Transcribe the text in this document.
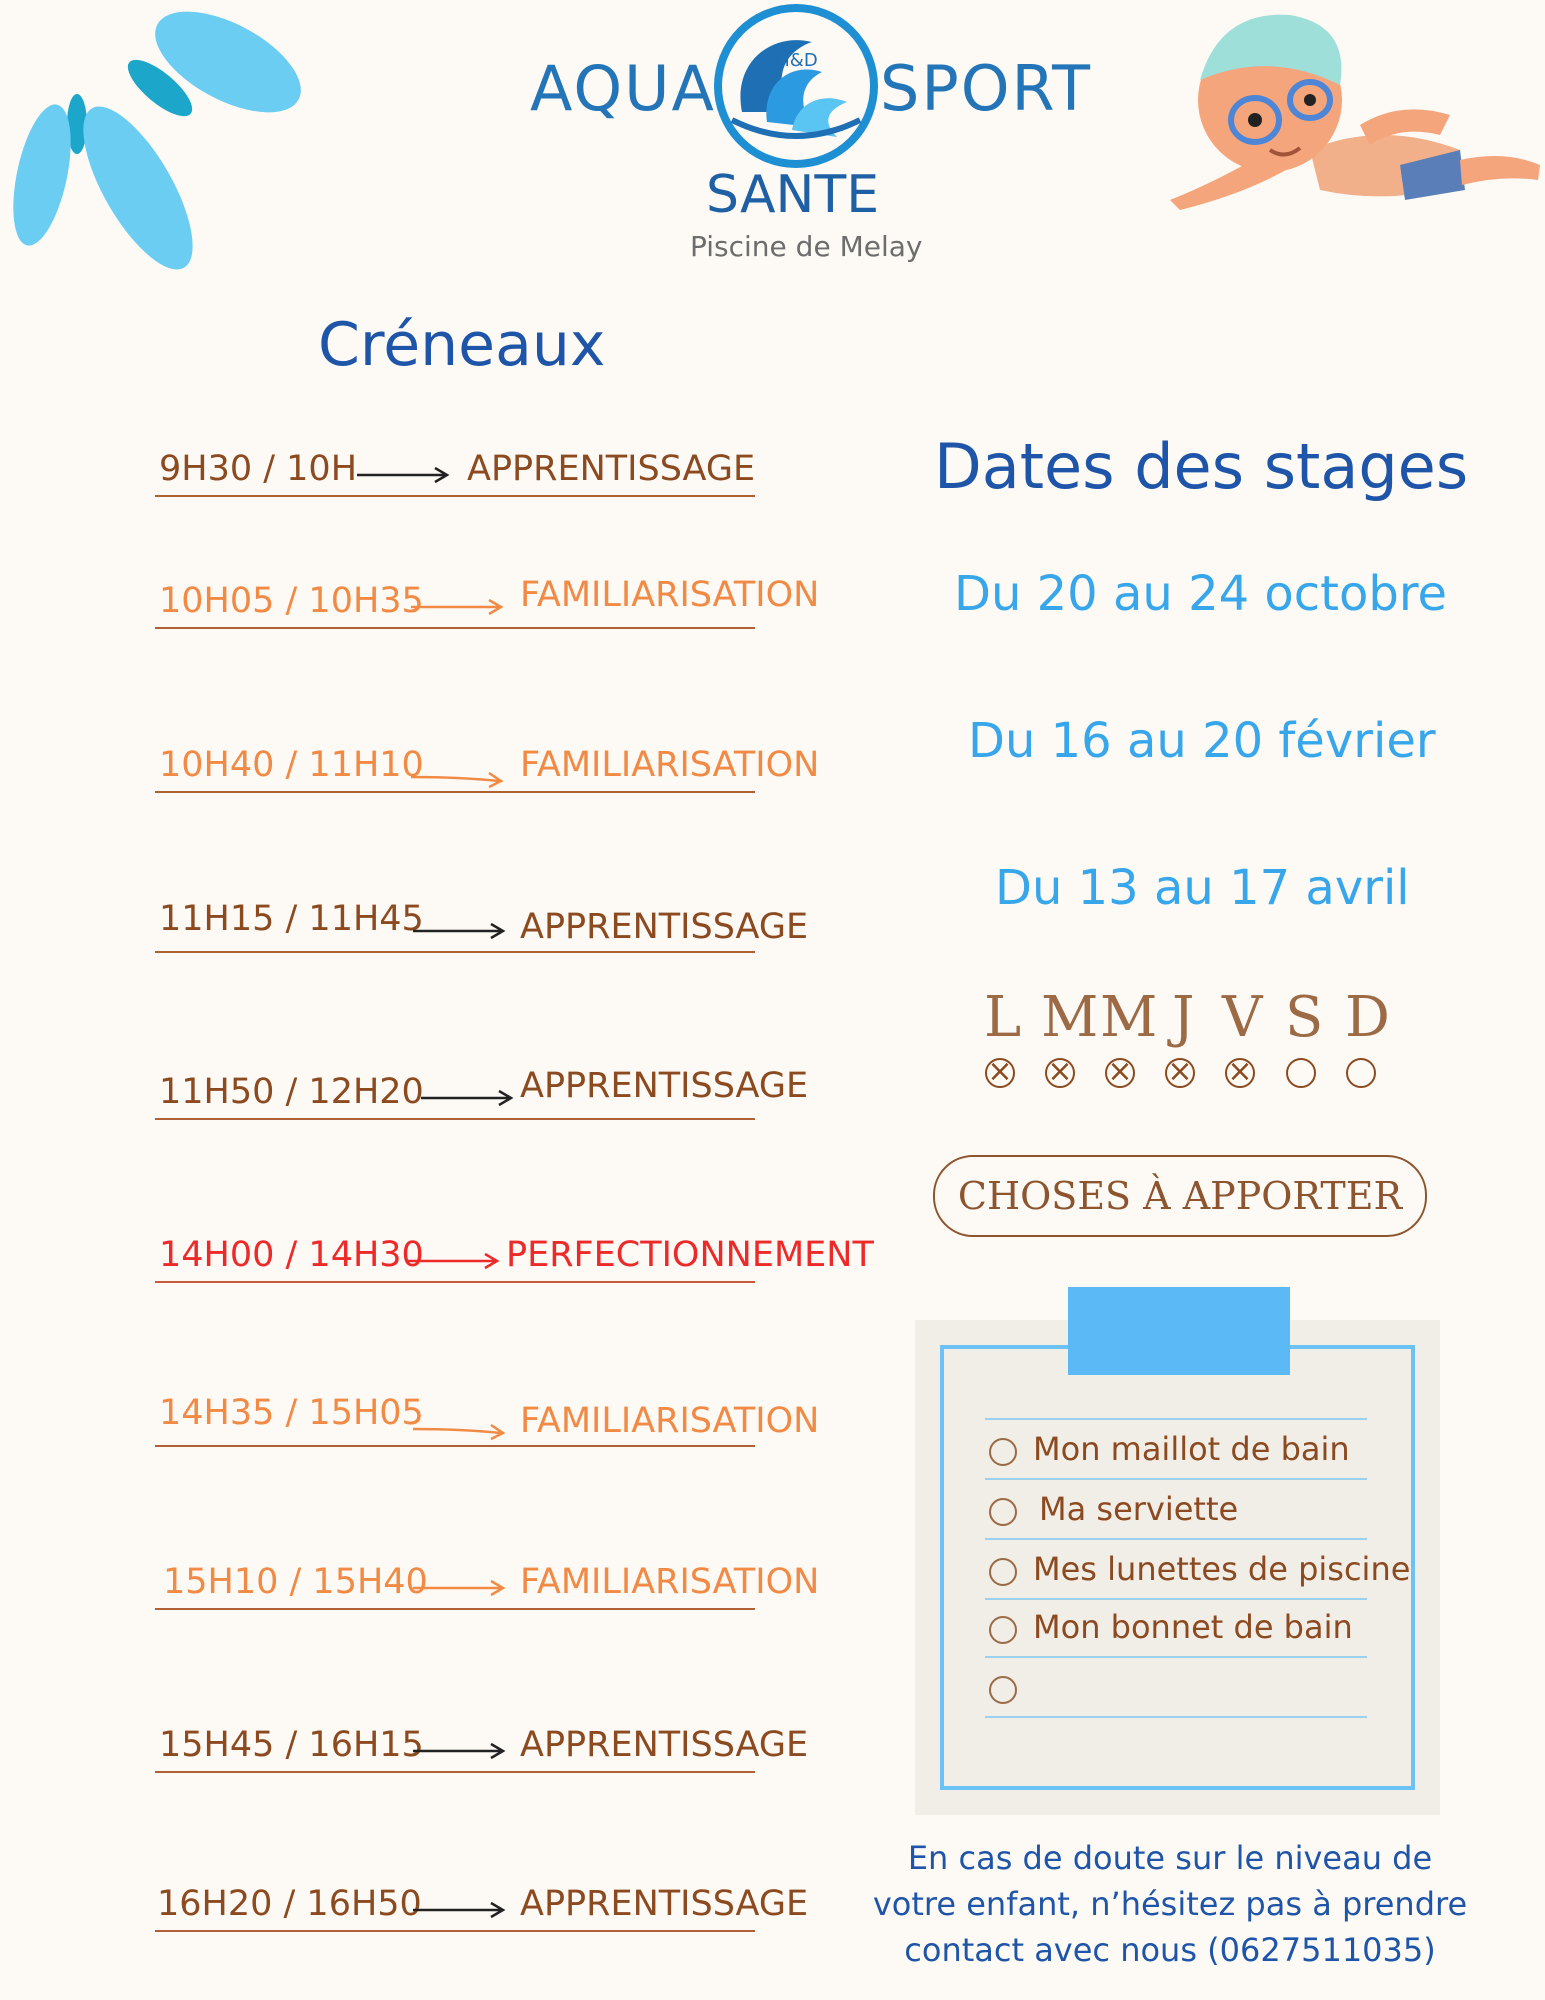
AQUA	M&D SPORT
SANTE
Piscine de Melay
Créneaux
9H30 / 10H	APPRENTISSAGE
10H05 / 10H35	FAMILIARISATION
10H40 / 11H10	FAMILIARISATION
11H15 / 11H45	APPRENTISSAGE
11H50 / 12H20	APPRENTISSAGE
14H00 / 14H30 PERFECTIONNEMENT
14H35 / 15H05	FAMILIARISATION
15H10 / 15H40	FAMILIARISATION
15H45 / 16H15	APPRENTISSAGE
16H20 / 16H50	APPRENTISSAGE
Dates des stages
Du 20 au 24 octobre
Du 16 au 20 février
Du 13 au 17 avril
L M M J V S D
× × × × ×
CHOSES À APPORTER
Mon maillot de bain
Ma serviette
Mes lunettes de piscine
Mon bonnet de bain
En cas de doute sur le niveau de
votre enfant, n’hésitez pas à prendre
contact avec nous (0627511035)
